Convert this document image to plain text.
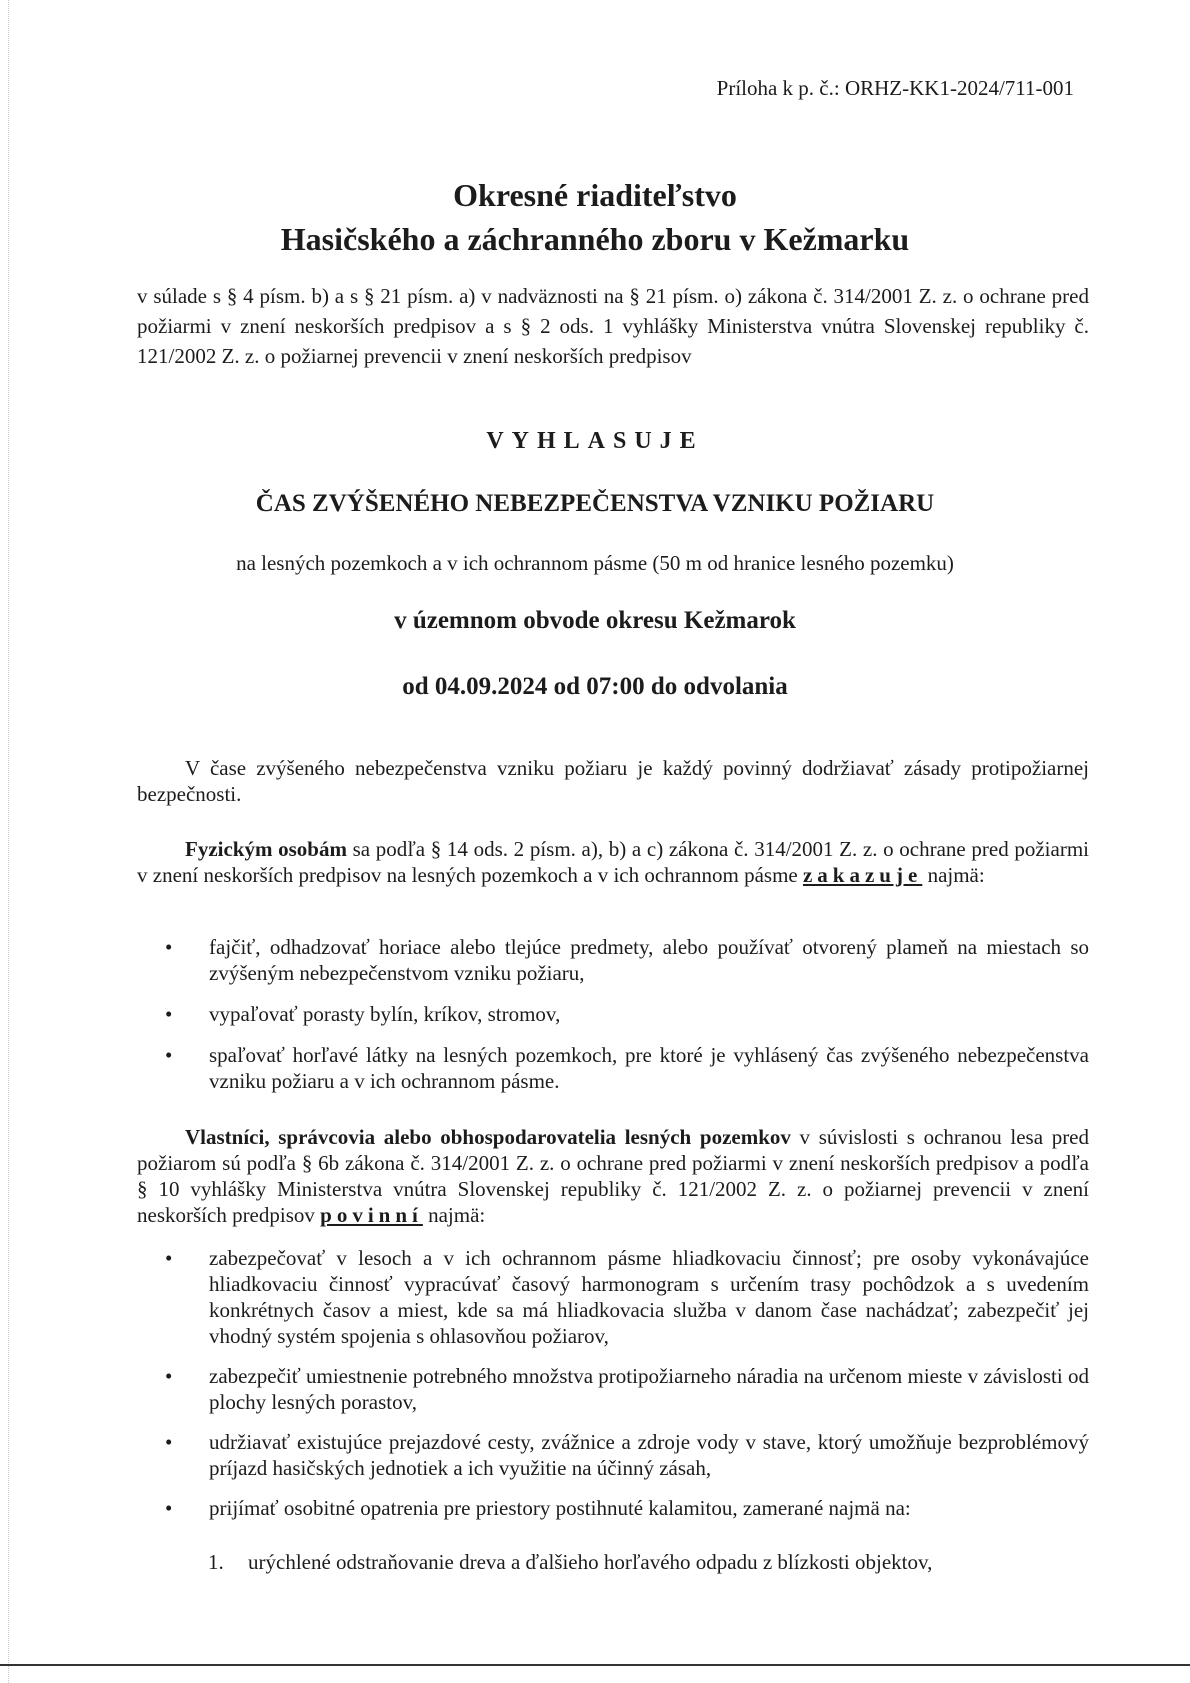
Príloha k p. č.: ORHZ-KK1-2024/711-001
Okresné riaditeľstvo
Hasičského a záchranného zboru v Kežmarku
v súlade s § 4 písm. b) a s § 21 písm. a) v nadväznosti na § 21 písm. o) zákona č. 314/2001 Z. z. o ochrane pred požiarmi v znení neskorších predpisov a s § 2 ods. 1 vyhlášky Ministerstva vnútra Slovenskej republiky č. 121/2002 Z. z. o požiarnej prevencii v znení neskorších predpisov
VYHLASUJE
ČAS ZVÝŠENÉHO NEBEZPEČENSTVA VZNIKU POŽIARU
na lesných pozemkoch a v ich ochrannom pásme (50 m od hranice lesného pozemku)
v územnom obvode okresu Kežmarok
od 04.09.2024 od 07:00 do odvolania
V čase zvýšeného nebezpečenstva vzniku požiaru je každý povinný dodržiavať zásady protipožiarnej bezpečnosti.
Fyzickým osobám sa podľa § 14 ods. 2 písm. a), b) a c) zákona č. 314/2001 Z. z. o ochrane pred požiarmi v znení neskorších predpisov na lesných pozemkoch a v ich ochrannom pásme zakazuje najmä:
• fajčiť, odhadzovať horiace alebo tlejúce predmety, alebo používať otvorený plameň na miestach so zvýšeným nebezpečenstvom vzniku požiaru,
• vypaľovať porasty bylín, kríkov, stromov,
• spaľovať horľavé látky na lesných pozemkoch, pre ktoré je vyhlásený čas zvýšeného nebezpečenstva vzniku požiaru a v ich ochrannom pásme.
Vlastníci, správcovia alebo obhospodarovatelia lesných pozemkov v súvislosti s ochranou lesa pred požiarom sú podľa § 6b zákona č. 314/2001 Z. z. o ochrane pred požiarmi v znení neskorších predpisov a podľa § 10 vyhlášky Ministerstva vnútra Slovenskej republiky č. 121/2002 Z. z. o požiarnej prevencii v znení neskorších predpisov povinní najmä:
• zabezpečovať v lesoch a v ich ochrannom pásme hliadkovaciu činnosť; pre osoby vykonávajúce hliadkovaciu činnosť vypracúvať časový harmonogram s určením trasy pochôdzok a s uvedením konkrétnych časov a miest, kde sa má hliadkovacia služba v danom čase nachádzať; zabezpečiť jej vhodný systém spojenia s ohlasovňou požiarov,
• zabezpečiť umiestnenie potrebného množstva protipožiarneho náradia na určenom mieste v závislosti od plochy lesných porastov,
• udržiavať existujúce prejazdové cesty, zvážnice a zdroje vody v stave, ktorý umožňuje bezproblémový príjazd hasičských jednotiek a ich využitie na účinný zásah,
• prijímať osobitné opatrenia pre priestory postihnuté kalamitou, zamerané najmä na:
1. urýchlené odstraňovanie dreva a ďalšieho horľavého odpadu z blízkosti objektov,
